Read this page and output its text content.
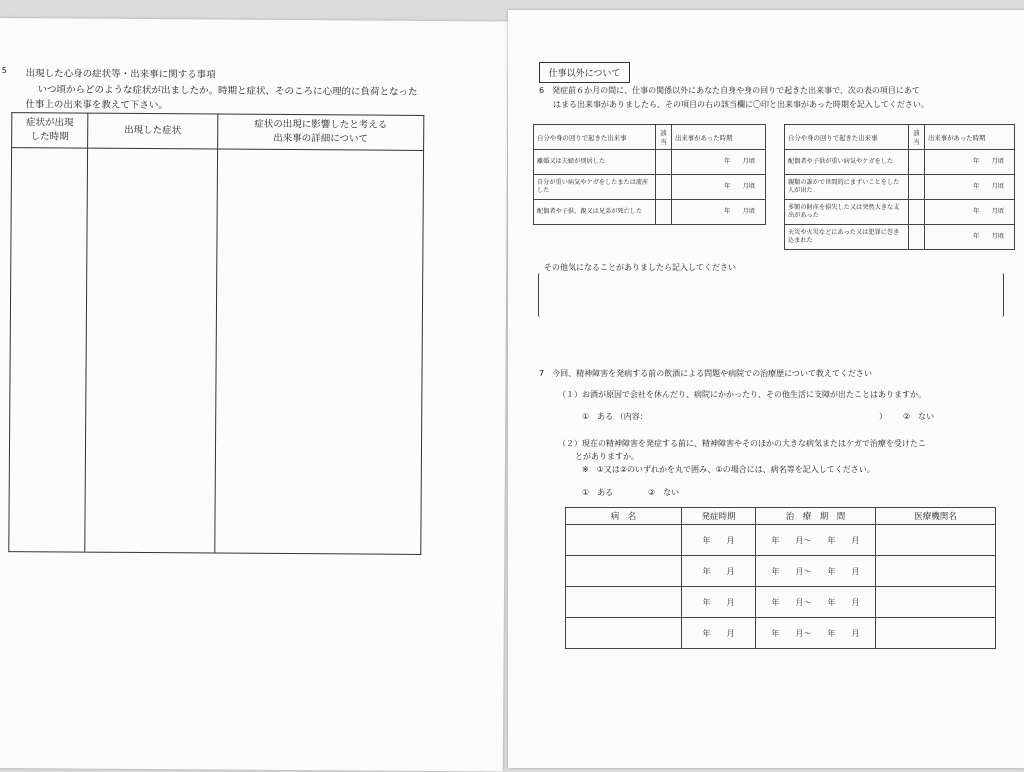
5 出現した心身の症状等・出来事に関する事項
いつ頃からどのような症状が出ましたか。時期と症状、そのころに心理的に負荷となった
仕事上の出来事を教えて下さい。
症状が出現
した時期	出現した症状	症状の出現に影響したと考える
出来事の詳細について

仕事以外について
6　発症前６か月の間に、仕事の関係以外にあなた自身や身の回りで起きた出来事で、次の表の項目にあて
はまる出来事がありましたら、その項目の右の該当欄に〇印と出来事があった時期を記入してください。
自分や身の回りで起きた出来事	該当	出来事があった時期
離婚又は夫婦が別居した		年　　月頃
自分が重い病気やケガをしたまたは流産した		年　　月頃
配偶者や子供、親又は兄弟が死亡した		年　　月頃
自分や身の回りで起きた出来事	該当	出来事があった時期
配偶者や子供が重い病気やケガをした		年　　月頃
親類の誰かで世間的にまずいことをした人が出た		年　　月頃
多額の財産を損失した又は突然大きな支出があった		年　　月頃
天災や火災などにあった又は犯罪に巻き込まれた		年　　月頃
その他気になることがありましたら記入してください
7　今回、精神障害を発病する前の飲酒による問題や病院での治療歴について教えてください
（１）お酒が原因で会社を休んだり、病院にかかったり、その他生活に支障が出たことはありますか。
①　ある （内容：	） ②　ない
（２）現在の精神障害を発症する前に、精神障害やそのほかの大きな病気またはケガで治療を受けたこ
とがありますか。
※　①又は②のいずれかを丸で囲み、①の場合には、病名等を記入してください。
①　ある	②　ない
病　名	発症時期	治　療　期　間	医療機関名
	年　　月	年　　月～　　年　　月	
	年　　月	年　　月～　　年　　月	
	年　　月	年　　月～　　年　　月	
	年　　月	年　　月～　　年　　月	
